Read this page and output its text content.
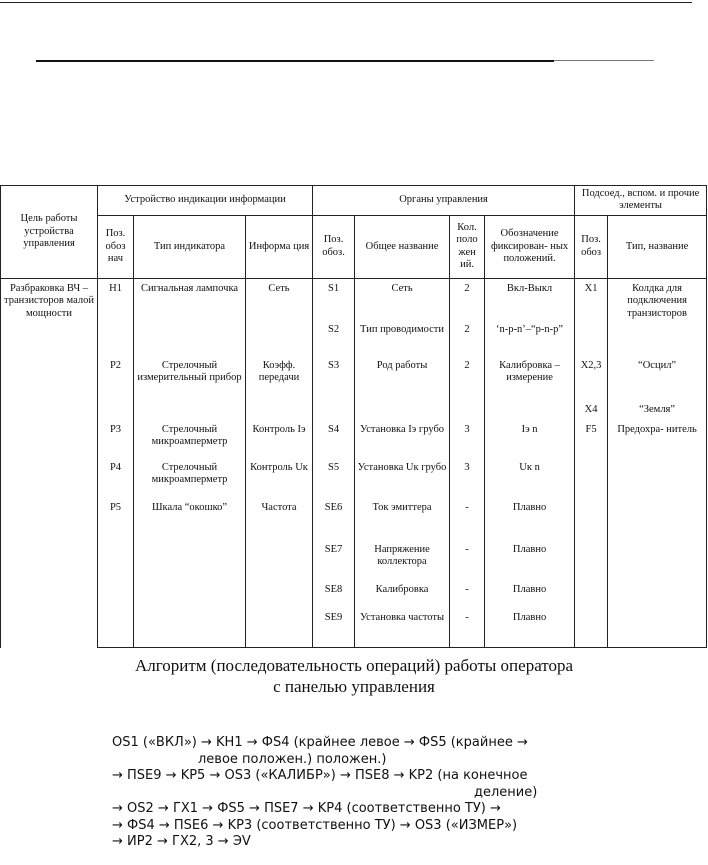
Цель работы устройства управления	Устройство индикации информации			Органы управления				Подсоед., вспом. и прочие элементы	
	Поз. обоз нач	Тип индикатора	Информа ция	Поз. обоз.	Общее название	Кол. поло жен ий.	Обозначение фиксирован- ных положений.	Поз. обоз	Тип, название
Разбраковка ВЧ – транзисторов малой мощности	H1	Сигнальная лампочка	Сеть	S1	Сеть	2	Вкл-Выкл	X1	Колдка для подключения транзисторов
				S2	Тип проводимости	2	‘n-p-n’–“p-n-p”		
	P2	Стрелочный измерительный прибор	Коэфф. передачи	S3	Род работы	2	Калибровка – измерение	X2,3	“Осцил”
								X4	“Земля”
	P3	Стрелочный микроамперметр	Контроль Iэ	S4	Установка Iэ грубо	3	Iэ n	F5	Предохра- нитель
	P4	Стрелочный микроамперметр	Контроль Uк	S5	Установка Uк грубо	3	Uк n		
	P5	Шкала “окошко”	Частота	SE6	Ток эмиттера	-	Плавно		
				SE7	Напряжение коллектора	-	Плавно		
				SE8	Калибровка	-	Плавно		
				SE9	Установка частоты	-	Плавно		
Алгоритм (последовательность операций) работы оператора
с панелью управления
OS1 («ВКЛ») → KH1 → ФS4 (крайнее левое → ФS5 (крайнее →
левое положен.) положен.)
→ ПSE9 → KP5 → OS3 («КАЛИБР») → ПSE8 → KP2 (на конечное
деление)
→ OS2 → ГX1 → ФS5 → ПSE7 → KP4 (соответственно ТУ) →
→ ФS4 → ПSE6 → KP3 (соответственно ТУ) → OS3 («ИЗМЕР»)
→ ИP2 → ГX2, 3 → ЭV
